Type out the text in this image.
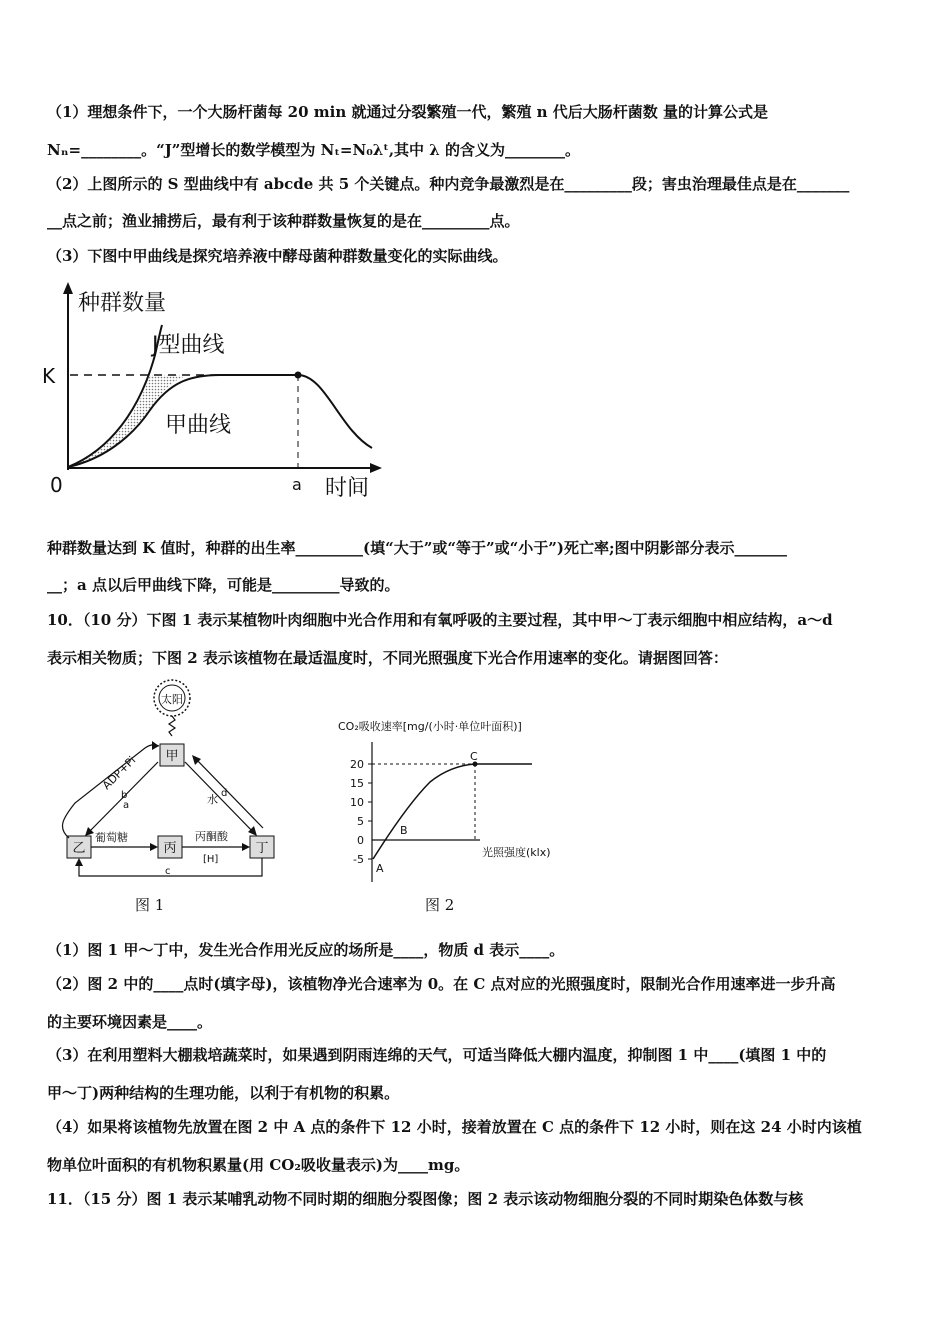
（1）理想条件下，一个大肠杆菌每 20 min 就通过分裂繁殖一代，繁殖 n 代后大肠杆菌数 量的计算公式是
Nₙ=________。“J”型增长的数学模型为 Nₜ=N₀λᵗ,其中 λ 的含义为________。
（2）上图所示的 S 型曲线中有 abcde 共 5 个关键点。种内竞争最激烈是在_________段；害虫治理最佳点是在_______
__点之前；渔业捕捞后，最有利于该种群数量恢复的是在_________点。
（3）下图中甲曲线是探究培养液中酵母菌种群数量变化的实际曲线。
种群数量
K
0	a 时间
J型曲线
甲曲线
种群数量达到 K 值时，种群的出生率_________(填“大于”或“等于”或“小于”)死亡率;图中阴影部分表示_______
__；a 点以后甲曲线下降，可能是_________导致的。
10．（10 分）下图 1 表示某植物叶肉细胞中光合作用和有氧呼吸的主要过程，其中甲～丁表示细胞中相应结构，a～d
表示相关物质；下图 2 表示该植物在最适温度时，不同光照强度下光合作用速率的变化。请据图回答：
太阳
甲
乙	丙	丁
ADP+Pi
b
a	水 d
葡萄糖	丙酮酸
[H]
c
图 1
CO₂吸收速率[mg/(小时·单位叶面积)]
20
15
10
5
0
-5
A
B
C
光照强度(klx)
图 2
（1）图 1 甲～丁中，发生光合作用光反应的场所是____，物质 d 表示____。
（2）图 2 中的____点时(填字母)，该植物净光合速率为 0。在 C 点对应的光照强度时，限制光合作用速率进一步升高
的主要环境因素是____。
（3）在利用塑料大棚栽培蔬菜时，如果遇到阴雨连绵的天气，可适当降低大棚内温度，抑制图 1 中____(填图 1 中的
甲～丁)两种结构的生理功能，以利于有机物的积累。
（4）如果将该植物先放置在图 2 中 A 点的条件下 12 小时，接着放置在 C 点的条件下 12 小时，则在这 24 小时内该植
物单位叶面积的有机物积累量(用 CO₂吸收量表示)为____mg。
11．（15 分）图 1 表示某哺乳动物不同时期的细胞分裂图像；图 2 表示该动物细胞分裂的不同时期染色体数与核
